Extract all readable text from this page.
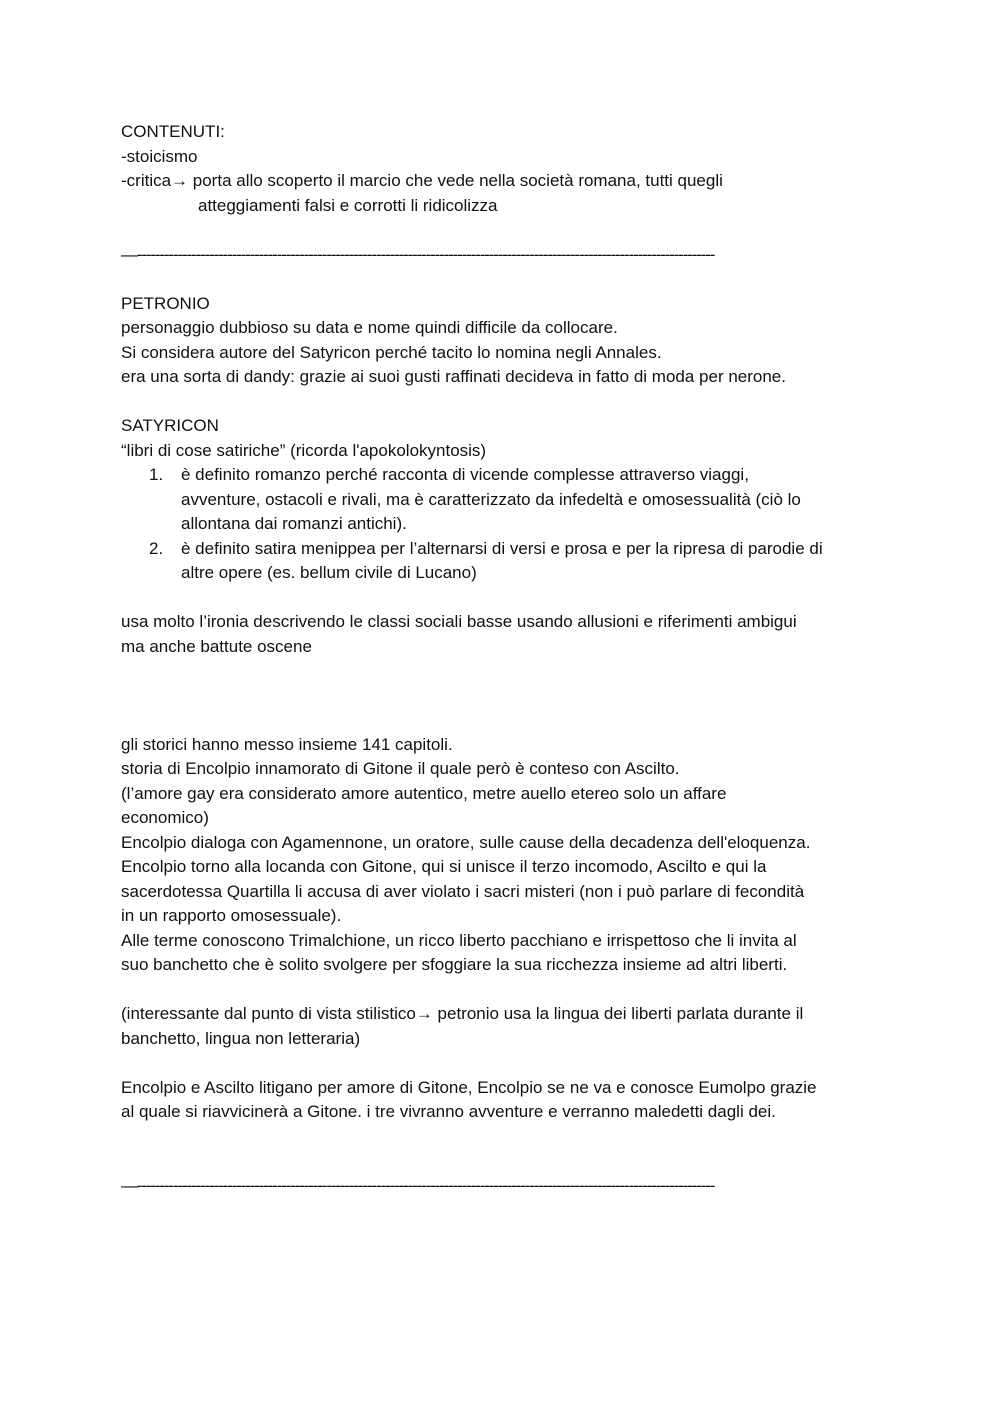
CONTENUTI:

-stoicismo

-critica→ porta allo scoperto il marcio che vede nella società romana, tutti quegli

atteggiamenti falsi e corrotti li ridicolizza

—--------------------------------------------------------------------------------------------------------------------------------

PETRONIO

personaggio dubbioso su data e nome quindi difficile da collocare.

Si considera autore del Satyricon perché tacito lo nomina negli Annales.

era una sorta di dandy: grazie ai suoi gusti raffinati decideva in fatto di moda per nerone.

SATYRICON

“libri di cose satiriche” (ricorda l'apokolokyntosis)

1. è definito romanzo perché racconta di vicende complesse attraverso viaggi,
avventure, ostacoli e rivali, ma è caratterizzato da infedeltà e omosessualità (ciò lo
allontana dai romanzi antichi).
2. è definito satira menippea per l’alternarsi di versi e prosa e per la ripresa di parodie di
altre opere (es. bellum civile di Lucano)

usa molto l’ironia descrivendo le classi sociali basse usando allusioni e riferimenti ambigui

ma anche battute oscene

gli storici hanno messo insieme 141 capitoli.

storia di Encolpio innamorato di Gitone il quale però è conteso con Ascilto.

(l’amore gay era considerato amore autentico, metre auello etereo solo un affare

economico)

Encolpio dialoga con Agamennone, un oratore, sulle cause della decadenza dell'eloquenza.

Encolpio torno alla locanda con Gitone, qui si unisce il terzo incomodo, Ascilto e qui la

sacerdotessa Quartilla li accusa di aver violato i sacri misteri (non i può parlare di fecondità

in un rapporto omosessuale).

Alle terme conoscono Trimalchione, un ricco liberto pacchiano e irrispettoso che li invita al

suo banchetto che è solito svolgere per sfoggiare la sua ricchezza insieme ad altri liberti.

(interessante dal punto di vista stilistico→ petronio usa la lingua dei liberti parlata durante il

banchetto, lingua non letteraria)

Encolpio e Ascilto litigano per amore di Gitone, Encolpio se ne va e conosce Eumolpo grazie

al quale si riavvicinerà a Gitone. i tre vivranno avventure e verranno maledetti dagli dei.

—--------------------------------------------------------------------------------------------------------------------------------
